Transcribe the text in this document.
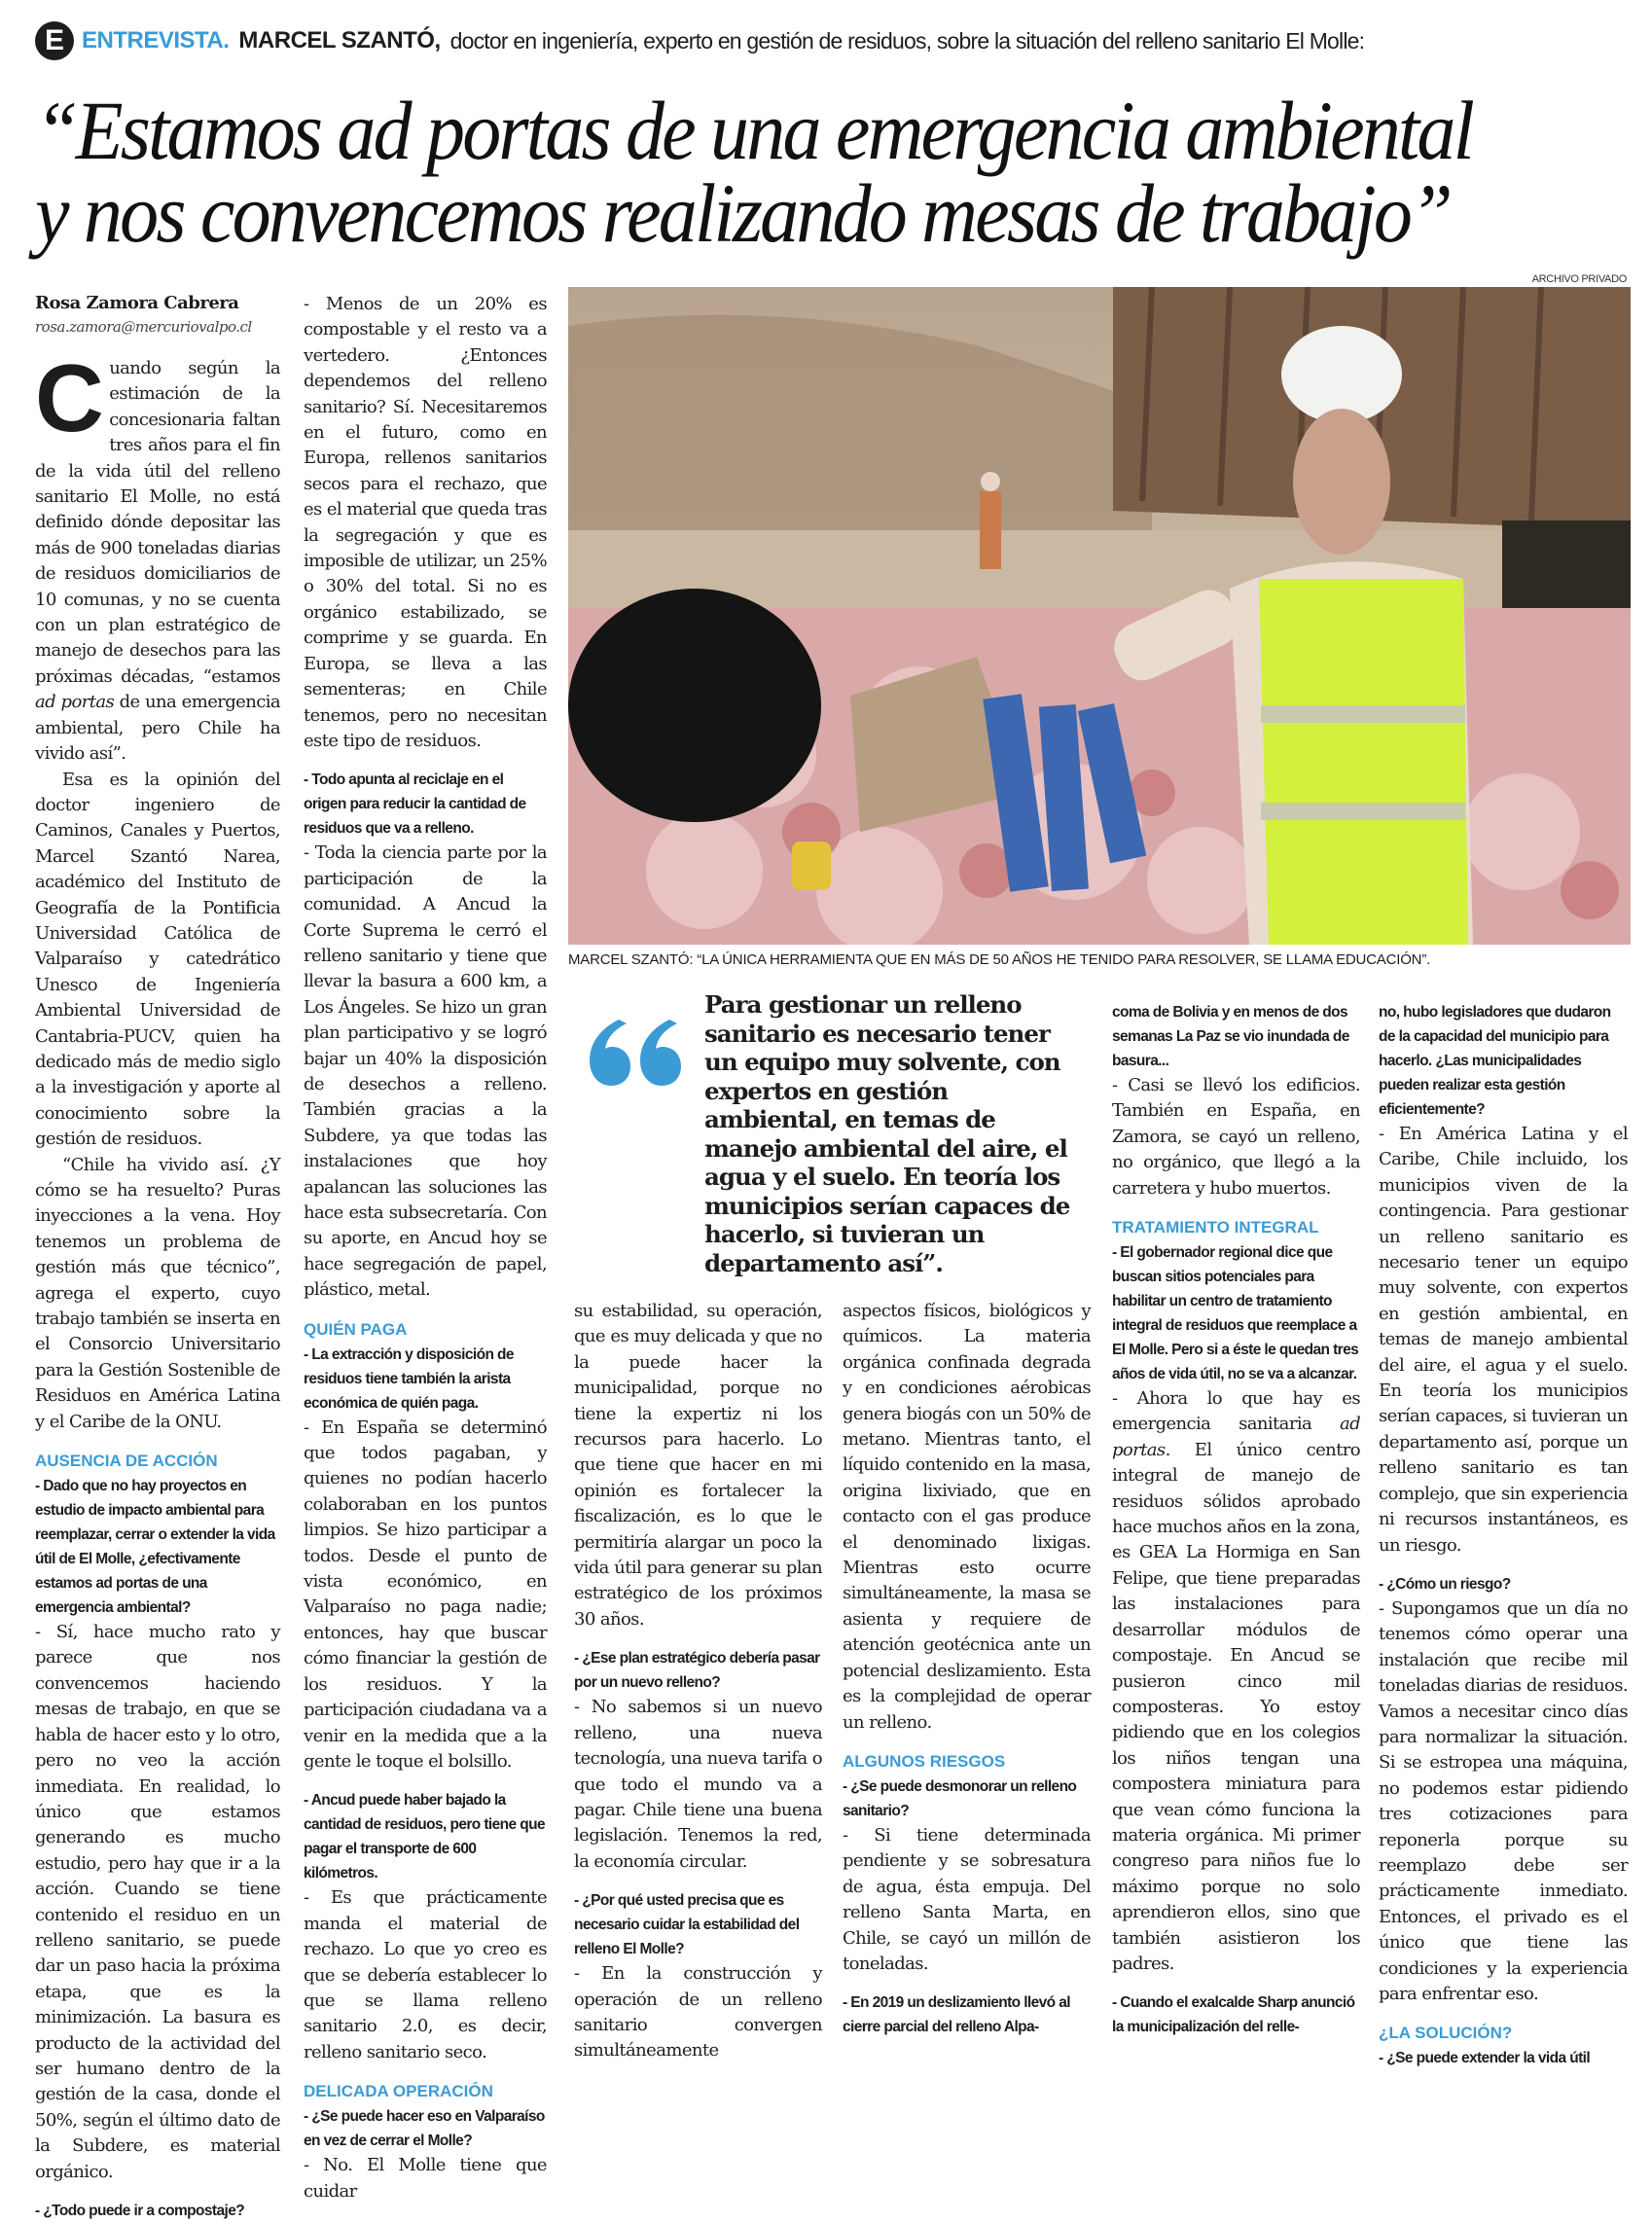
E ENTREVISTA. MARCEL SZANTÓ, doctor en ingeniería, experto en gestión de residuos, sobre la situación del relleno sanitario El Molle:
“Estamos ad portas de una emergencia ambiental
y nos convencemos realizando mesas de trabajo”
Rosa Zamora Cabrera
rosa.zamora@mercuriovalpo.cl

Cuando según la estimación de la concesionaria faltan tres años para el fin de la vida útil del relleno sanitario El Molle, no está definido dónde depositar las más de 900 toneladas diarias de residuos domiciliarios de 10 comunas, y no se cuenta con un plan estratégico de manejo de desechos para las próximas décadas, “estamos ad portas de una emergencia ambiental, pero Chile ha vivido así”.

Esa es la opinión del doctor ingeniero de Caminos, Canales y Puertos, Marcel Szantó Narea, académico del Instituto de Geografía de la Pontificia Universidad Católica de Valparaíso y catedrático Unesco de Ingeniería Ambiental Universidad de Cantabria-PUCV, quien ha dedicado más de medio siglo a la investigación y aporte al conocimiento sobre la gestión de residuos.

“Chile ha vivido así. ¿Y cómo se ha resuelto? Puras inyecciones a la vena. Hoy tenemos un problema de gestión más que técnico”, agrega el experto, cuyo trabajo también se inserta en el Consorcio Universitario para la Gestión Sostenible de Residuos en América Latina y el Caribe de la ONU.

AUSENCIA DE ACCIÓN

- Dado que no hay proyectos en estudio de impacto ambiental para reemplazar, cerrar o extender la vida útil de El Molle, ¿efectivamente estamos ad portas de una emergencia ambiental?

- Sí, hace mucho rato y parece que nos convencemos haciendo mesas de trabajo, en que se habla de hacer esto y lo otro, pero no veo la acción inmediata. En realidad, lo único que estamos generando es mucho estudio, pero hay que ir a la acción. Cuando se tiene contenido el residuo en un relleno sanitario, se puede dar un paso hacia la próxima etapa, que es la minimización. La basura es producto de la actividad del ser humano dentro de la gestión de la casa, donde el 50%, según el último dato de la Subdere, es material orgánico.

- ¿Todo puede ir a compostaje?

- Menos de un 20% es compostable y el resto va a vertedero. ¿Entonces dependemos del relleno sanitario? Sí. Necesitaremos en el futuro, como en Europa, rellenos sanitarios secos para el rechazo, que es el material que queda tras la segregación y que es imposible de utilizar, un 25% o 30% del total. Si no es orgánico estabilizado, se comprime y se guarda. En Europa, se lleva a las sementeras; en Chile tenemos, pero no necesitan este tipo de residuos.

- Todo apunta al reciclaje en el origen para reducir la cantidad de residuos que va a relleno.

- Toda la ciencia parte por la participación de la comunidad. A Ancud la Corte Suprema le cerró el relleno sanitario y tiene que llevar la basura a 600 km, a Los Ángeles. Se hizo un gran plan participativo y se logró bajar un 40% la disposición de desechos a relleno. También gracias a la Subdere, ya que todas las instalaciones que hoy apalancan las soluciones las hace esta subsecretaría. Con su aporte, en Ancud hoy se hace segregación de papel, plástico, metal.

QUIÉN PAGA

- La extracción y disposición de residuos tiene también la arista económica de quién paga.

- En España se determinó que todos pagaban, y quienes no podían hacerlo colaboraban en los puntos limpios. Se hizo participar a todos. Desde el punto de vista económico, en Valparaíso no paga nadie; entonces, hay que buscar cómo financiar la gestión de los residuos. Y la participación ciudadana va a venir en la medida que a la gente le toque el bolsillo.

- Ancud puede haber bajado la cantidad de residuos, pero tiene que pagar el transporte de 600 kilómetros.

- Es que prácticamente manda el material de rechazo. Lo que yo creo es que se debería establecer lo que se llama relleno sanitario 2.0, es decir, relleno sanitario seco.

DELICADA OPERACIÓN

- ¿Se puede hacer eso en Valparaíso en vez de cerrar el Molle?

- No. El Molle tiene que cuidar

ARCHIVO PRIVADO
MARCEL SZANTÓ: “LA ÚNICA HERRAMIENTA QUE EN MÁS DE 50 AÑOS HE TENIDO PARA RESOLVER, SE LLAMA EDUCACIÓN”.
Para gestionar un relleno sanitario es necesario tener un equipo muy solvente, con expertos en gestión ambiental, en temas de manejo ambiental del aire, el agua y el suelo. En teoría los municipios serían capaces de hacerlo, si tuvieran un departamento así”.

su estabilidad, su operación, que es muy delicada y que no la puede hacer la municipalidad, porque no tiene la expertiz ni los recursos para hacerlo. Lo que tiene que hacer en mi opinión es fortalecer la fiscalización, es lo que le permitiría alargar un poco la vida útil para generar su plan estratégico de los próximos 30 años.

- ¿Ese plan estratégico debería pasar por un nuevo relleno?

- No sabemos si un nuevo relleno, una nueva tecnología, una nueva tarifa o que todo el mundo va a pagar. Chile tiene una buena legislación. Tenemos la red, la economía circular.

- ¿Por qué usted precisa que es necesario cuidar la estabilidad del relleno El Molle?

- En la construcción y operación de un relleno sanitario convergen simultáneamente

aspectos físicos, biológicos y químicos. La materia orgánica confinada degrada y en condiciones aérobicas genera biogás con un 50% de metano. Mientras tanto, el líquido contenido en la masa, origina lixiviado, que en contacto con el gas produce el denominado lixigas. Mientras esto ocurre simultáneamente, la masa se asienta y requiere de atención geotécnica ante un potencial deslizamiento. Esta es la complejidad de operar un relleno.

ALGUNOS RIESGOS

- ¿Se puede desmonorar un relleno sanitario?

- Si tiene determinada pendiente y se sobresatura de agua, ésta empuja. Del relleno Santa Marta, en Chile, se cayó un millón de toneladas.

- En 2019 un deslizamiento llevó al cierre parcial del relleno Alpa-

coma de Bolivia y en menos de dos semanas La Paz se vio inundada de basura...

- Casi se llevó los edificios. También en España, en Zamora, se cayó un relleno, no orgánico, que llegó a la carretera y hubo muertos.

TRATAMIENTO INTEGRAL

- El gobernador regional dice que buscan sitios potenciales para habilitar un centro de tratamiento integral de residuos que reemplace a El Molle. Pero si a éste le quedan tres años de vida útil, no se va a alcanzar.

- Ahora lo que hay es emergencia sanitaria ad portas. El único centro integral de manejo de residuos sólidos aprobado hace muchos años en la zona, es GEA La Hormiga en San Felipe, que tiene preparadas las instalaciones para desarrollar módulos de compostaje. En Ancud se pusieron cinco mil composteras. Yo estoy pidiendo que en los colegios los niños tengan una compostera miniatura para que vean cómo funciona la materia orgánica. Mi primer congreso para niños fue lo máximo porque no solo aprendieron ellos, sino que también asistieron los padres.

- Cuando el exalcalde Sharp anunció la municipalización del relle-

no, hubo legisladores que dudaron de la capacidad del municipio para hacerlo. ¿Las municipalidades pueden realizar esta gestión eficientemente?

- En América Latina y el Caribe, Chile incluido, los municipios viven de la contingencia. Para gestionar un relleno sanitario es necesario tener un equipo muy solvente, con expertos en gestión ambiental, en temas de manejo ambiental del aire, el agua y el suelo. En teoría los municipios serían capaces, si tuvieran un departamento así, porque un relleno sanitario es tan complejo, que sin experiencia ni recursos instantáneos, es un riesgo.

- ¿Cómo un riesgo?

- Supongamos que un día no tenemos cómo operar una instalación que recibe mil toneladas diarias de residuos. Vamos a necesitar cinco días para normalizar la situación. Si se estropea una máquina, no podemos estar pidiendo tres cotizaciones para reponerla porque su reemplazo debe ser prácticamente inmediato. Entonces, el privado es el único que tiene las condiciones y la experiencia para enfrentar eso.

¿LA SOLUCIÓN?

- ¿Se puede extender la vida útil
